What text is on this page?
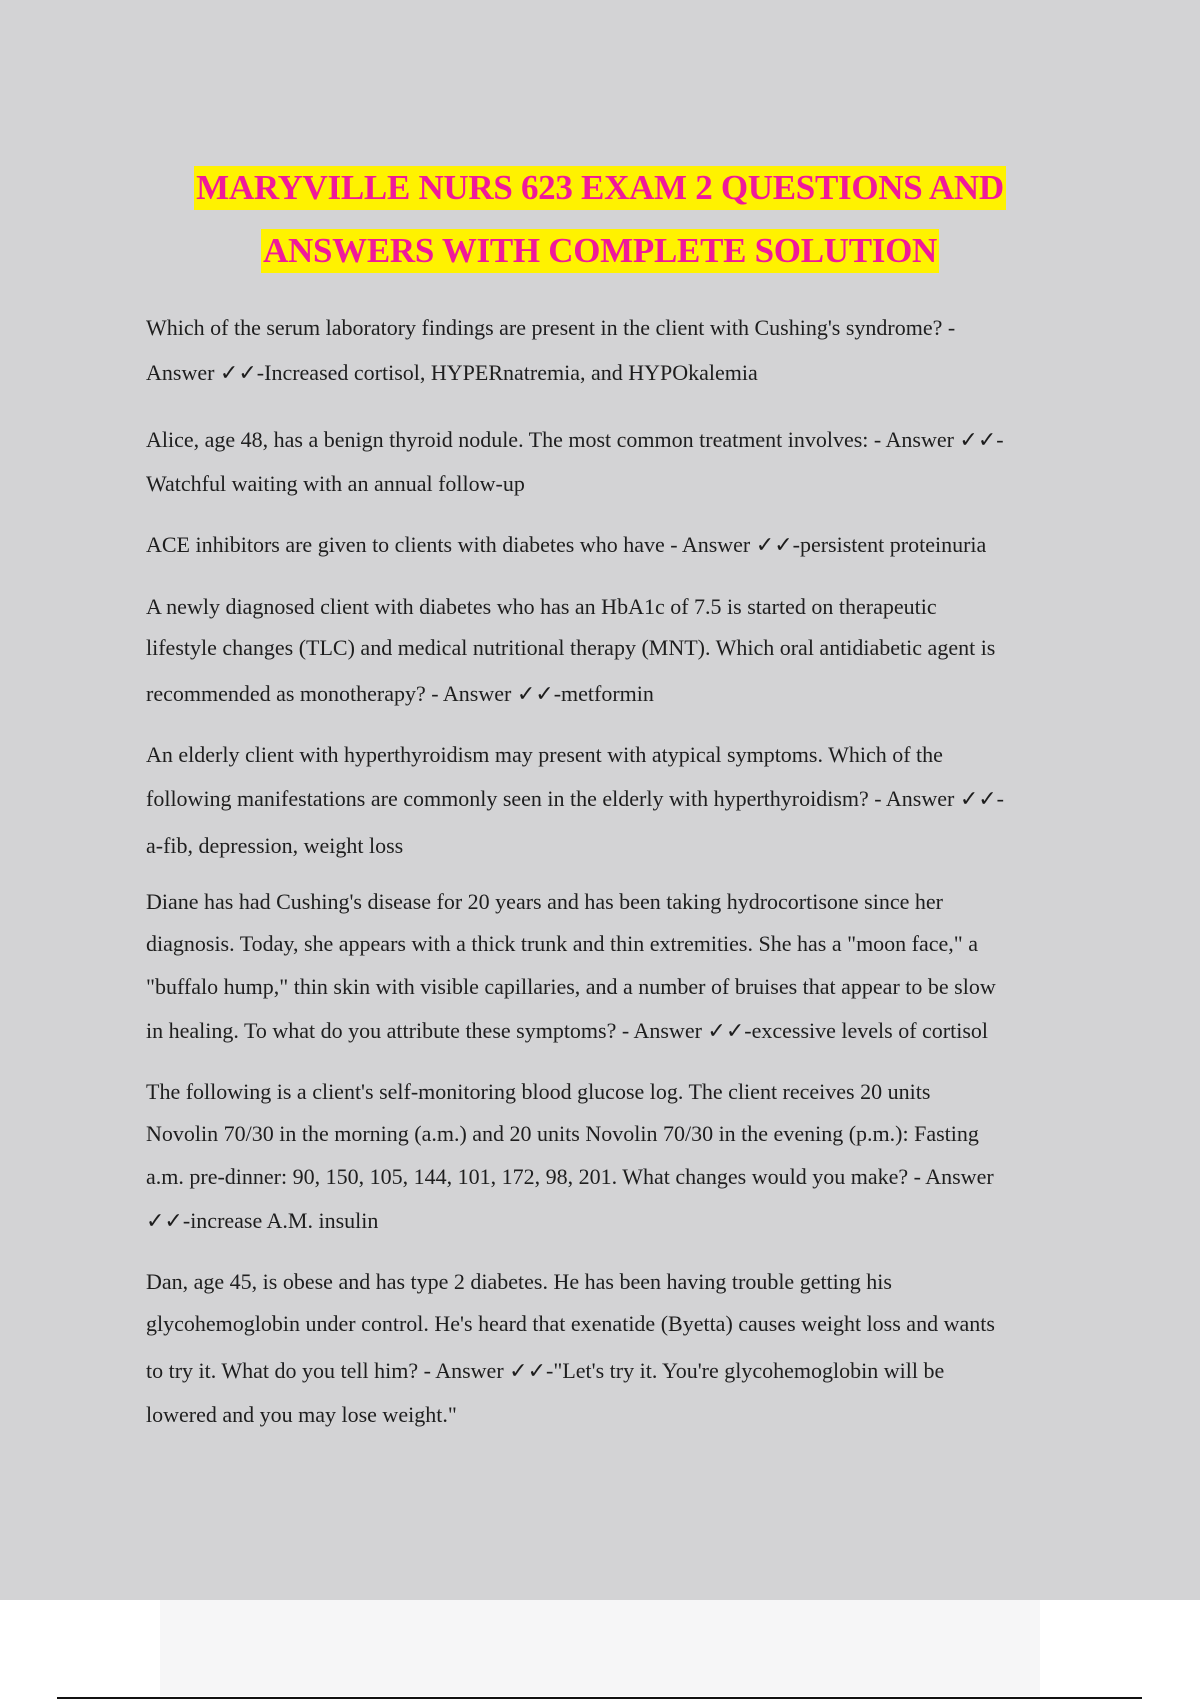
MARYVILLE NURS 623 EXAM 2 QUESTIONS AND
ANSWERS WITH COMPLETE SOLUTION
Which of the serum laboratory findings are present in the client with Cushing's syndrome? -
Answer ✓✓-Increased cortisol, HYPERnatremia, and HYPOkalemia
Alice, age 48, has a benign thyroid nodule. The most common treatment involves: - Answer ✓✓-
Watchful waiting with an annual follow-up
ACE inhibitors are given to clients with diabetes who have - Answer ✓✓-persistent proteinuria
A newly diagnosed client with diabetes who has an HbA1c of 7.5 is started on therapeutic
lifestyle changes (TLC) and medical nutritional therapy (MNT). Which oral antidiabetic agent is
recommended as monotherapy? - Answer ✓✓-metformin
An elderly client with hyperthyroidism may present with atypical symptoms. Which of the
following manifestations are commonly seen in the elderly with hyperthyroidism? - Answer ✓✓-
a-fib, depression, weight loss
Diane has had Cushing's disease for 20 years and has been taking hydrocortisone since her
diagnosis. Today, she appears with a thick trunk and thin extremities. She has a "moon face," a
"buffalo hump," thin skin with visible capillaries, and a number of bruises that appear to be slow
in healing. To what do you attribute these symptoms? - Answer ✓✓-excessive levels of cortisol
The following is a client's self-monitoring blood glucose log. The client receives 20 units
Novolin 70/30 in the morning (a.m.) and 20 units Novolin 70/30 in the evening (p.m.): Fasting
a.m. pre-dinner: 90, 150, 105, 144, 101, 172, 98, 201. What changes would you make? - Answer
✓✓-increase A.M. insulin
Dan, age 45, is obese and has type 2 diabetes. He has been having trouble getting his
glycohemoglobin under control. He's heard that exenatide (Byetta) causes weight loss and wants
to try it. What do you tell him? - Answer ✓✓-"Let's try it. You're glycohemoglobin will be
lowered and you may lose weight."
